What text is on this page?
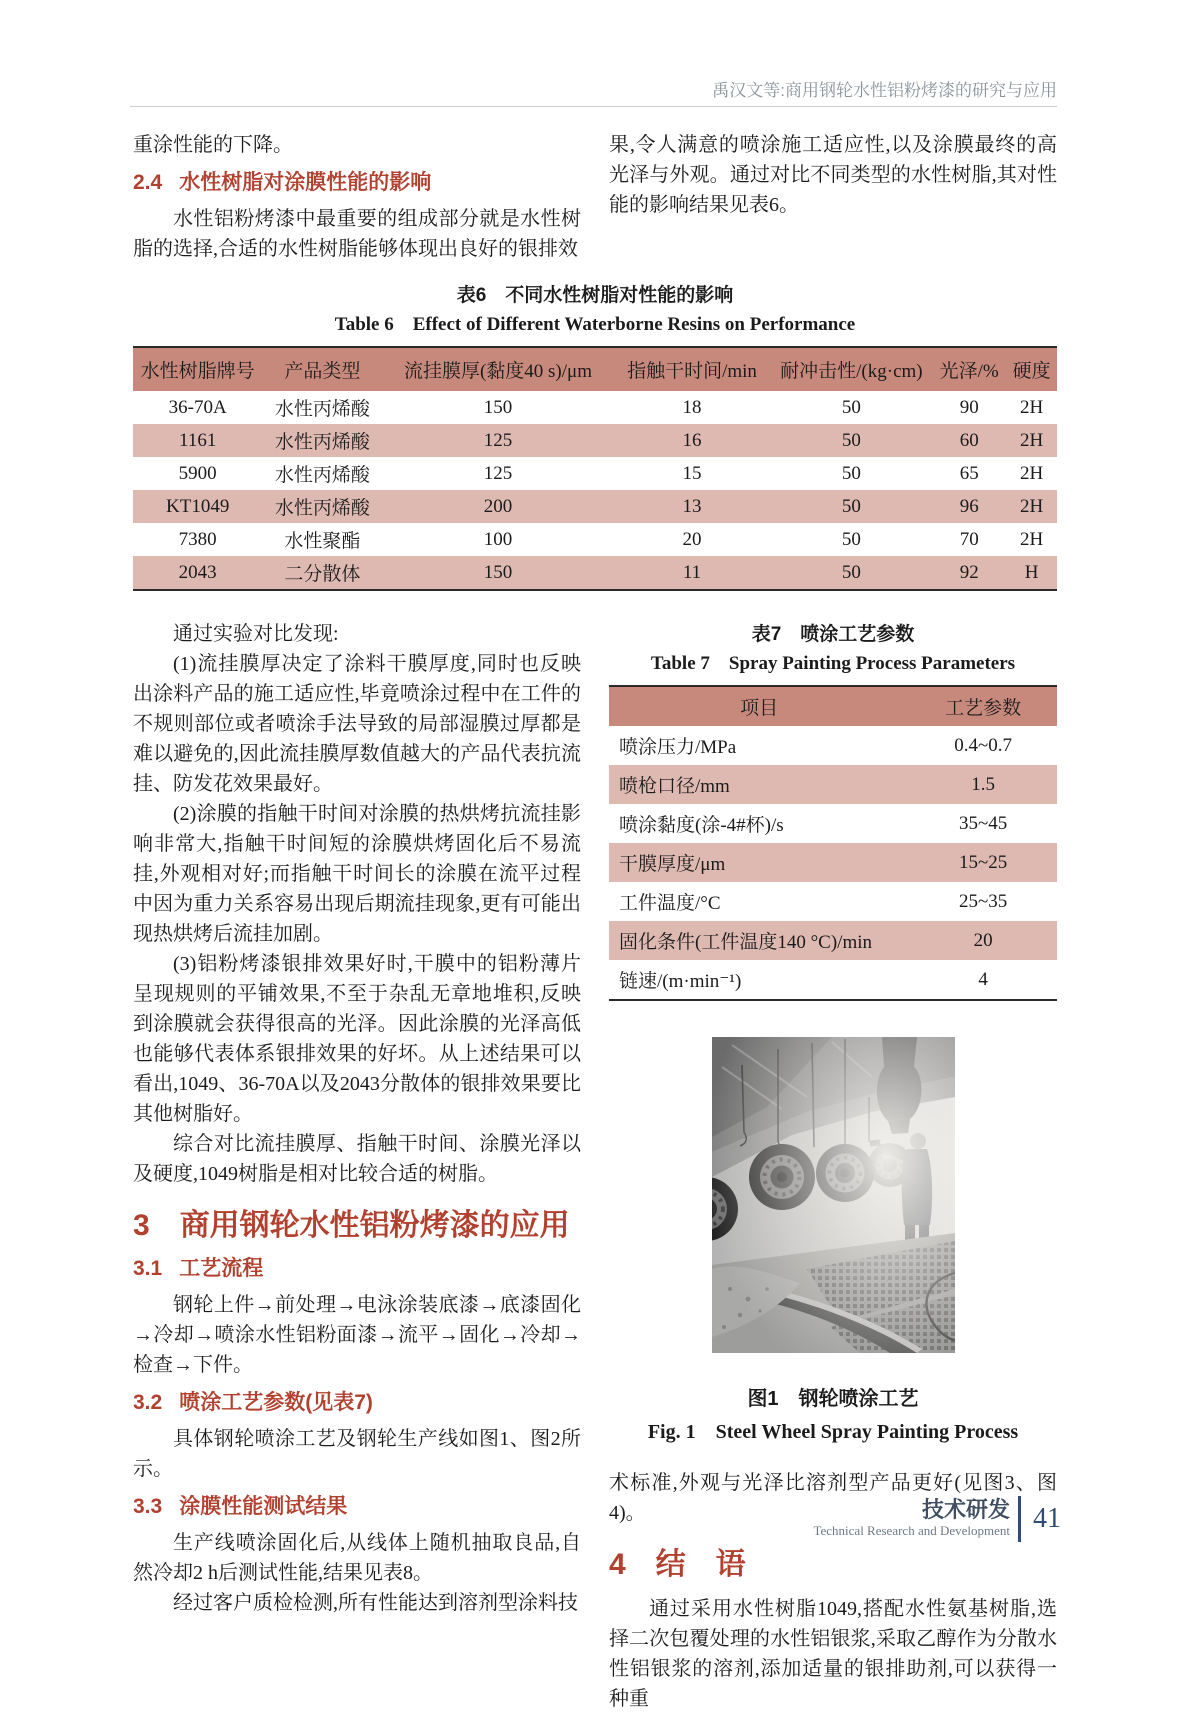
禹汉文等:商用钢轮水性铝粉烤漆的研究与应用

重涂性能的下降。

2.4 水性树脂对涂膜性能的影响

水性铝粉烤漆中最重要的组成部分就是水性树脂的选择,合适的水性树脂能够体现出良好的银排效

果,令人满意的喷涂施工适应性,以及涂膜最终的高光泽与外观。通过对比不同类型的水性树脂,其对性能的影响结果见表6。

表6　不同水性树脂对性能的影响
Table 6　Effect of Different Waterborne Resins on Performance
水性树脂牌号	产品类型	流挂膜厚(黏度40 s)/μm	指触干时间/min	耐冲击性/(kg·cm)	光泽/%	硬度
36-70A	水性丙烯酸	150	18	50	90	2H
1161	水性丙烯酸	125	16	50	60	2H
5900	水性丙烯酸	125	15	50	65	2H
KT1049	水性丙烯酸	200	13	50	96	2H
7380	水性聚酯	100	20	50	70	2H
2043	二分散体	150	11	50	92	H

通过实验对比发现:

(1)流挂膜厚决定了涂料干膜厚度,同时也反映出涂料产品的施工适应性,毕竟喷涂过程中在工件的不规则部位或者喷涂手法导致的局部湿膜过厚都是难以避免的,因此流挂膜厚数值越大的产品代表抗流挂、防发花效果最好。

(2)涂膜的指触干时间对涂膜的热烘烤抗流挂影响非常大,指触干时间短的涂膜烘烤固化后不易流挂,外观相对好;而指触干时间长的涂膜在流平过程中因为重力关系容易出现后期流挂现象,更有可能出现热烘烤后流挂加剧。

(3)铝粉烤漆银排效果好时,干膜中的铝粉薄片呈现规则的平铺效果,不至于杂乱无章地堆积,反映到涂膜就会获得很高的光泽。因此涂膜的光泽高低也能够代表体系银排效果的好坏。从上述结果可以看出,1049、36-70A以及2043分散体的银排效果要比其他树脂好。

综合对比流挂膜厚、指触干时间、涂膜光泽以及硬度,1049树脂是相对比较合适的树脂。

3 商用钢轮水性铝粉烤漆的应用
3.1 工艺流程

钢轮上件→前处理→电泳涂装底漆→底漆固化→冷却→喷涂水性铝粉面漆→流平→固化→冷却→检查→下件。

3.2 喷涂工艺参数(见表7)

具体钢轮喷涂工艺及钢轮生产线如图1、图2所示。

3.3 涂膜性能测试结果

生产线喷涂固化后,从线体上随机抽取良品,自然冷却2 h后测试性能,结果见表8。

经过客户质检检测,所有性能达到溶剂型涂料技

表7　喷涂工艺参数
Table 7　Spray Painting Process Parameters
项目	工艺参数
喷涂压力/MPa	0.4~0.7
喷枪口径/mm	1.5
喷涂黏度(涂-4#杯)/s	35~45
干膜厚度/μm	15~25
工件温度/°C	25~35
固化条件(工件温度140 °C)/min	20
链速/(m·min⁻¹)	4
图1　钢轮喷涂工艺
Fig. 1　Steel Wheel Spray Painting Process

术标准,外观与光泽比溶剂型产品更好(见图3、图4)。

4 结　语

通过采用水性树脂1049,搭配水性氨基树脂,选择二次包覆处理的水性铝银浆,采取乙醇作为分散水性铝银浆的溶剂,添加适量的银排助剂,可以获得一种重

技术研发
Technical Research and Development 41
